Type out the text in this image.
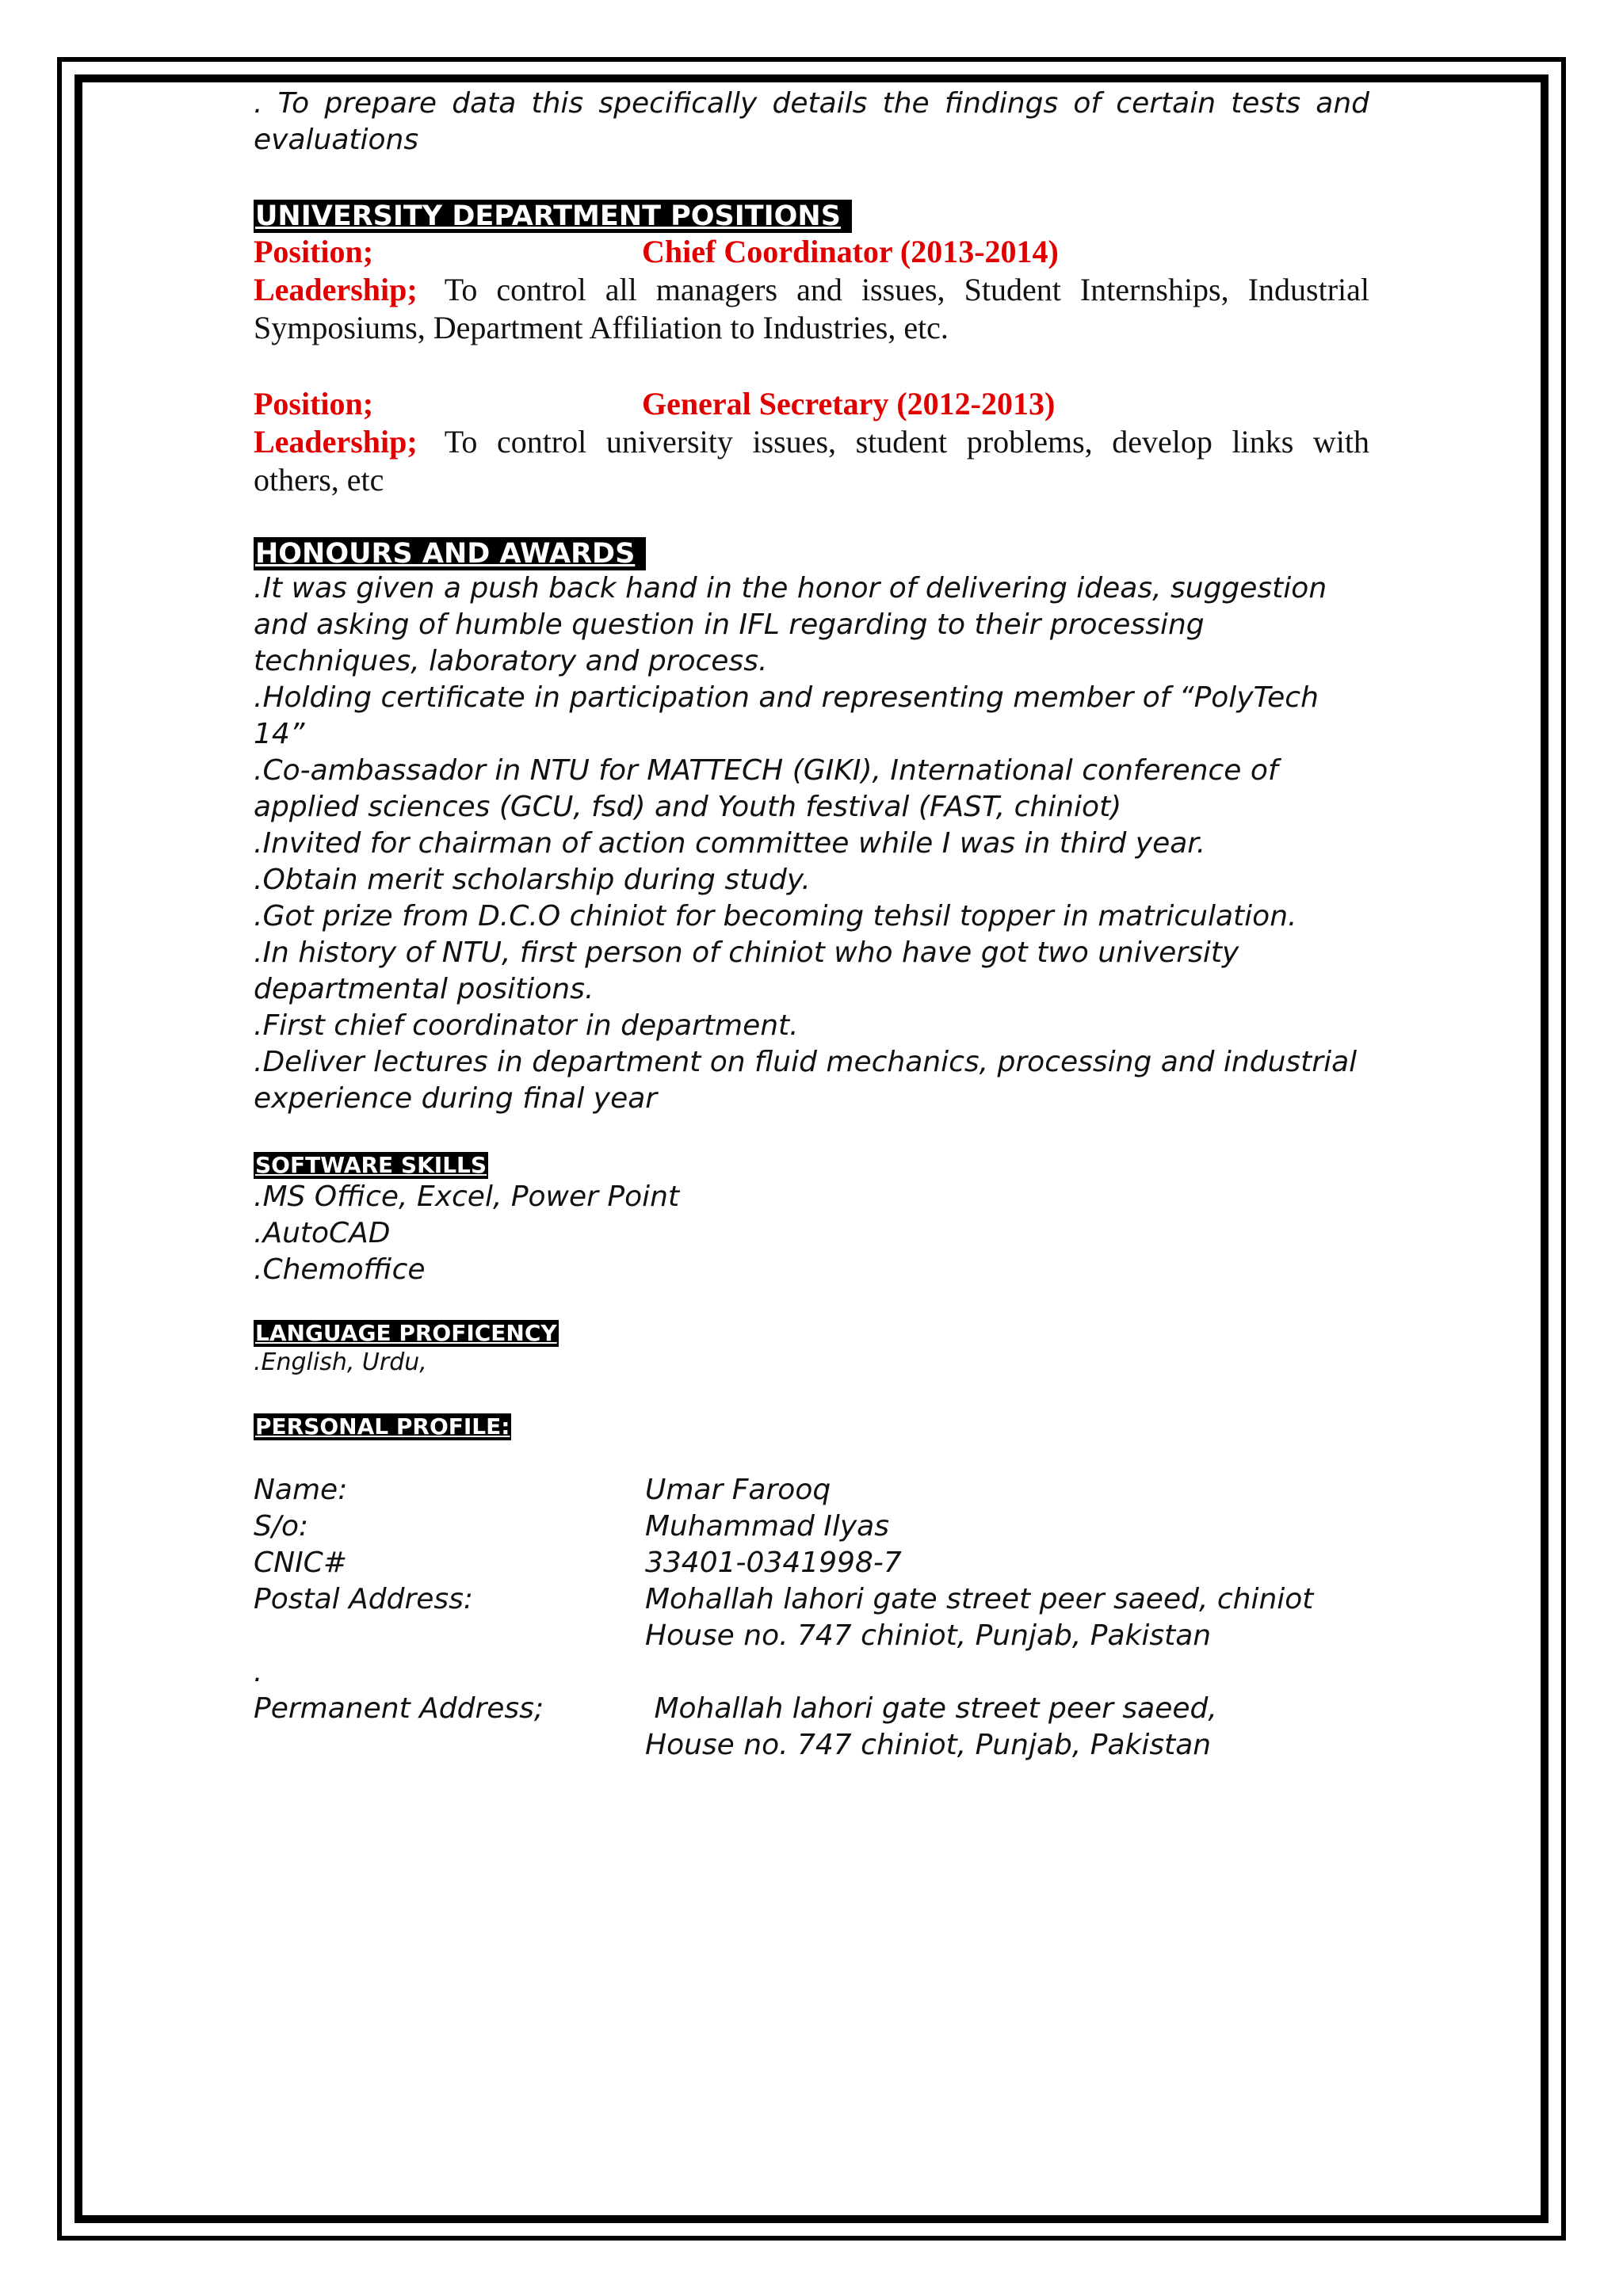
. To prepare data this specifically details the findings of certain tests and evaluations

UNIVERSITY DEPARTMENT POSITIONS
Position;	Chief Coordinator (2013-2014)

Leadership; To control all managers and issues, Student Internships, Industrial Symposiums, Department Affiliation to Industries, etc.

Position;	General Secretary (2012-2013)

Leadership; To control university issues, student problems, develop links with others, etc

HONOURS AND AWARDS

.It was given a push back hand in the honor of delivering ideas, suggestion

and asking of humble question in IFL regarding to their processing

techniques, laboratory and process.

.Holding certificate in participation and representing member of “PolyTech

14”

.Co-ambassador in NTU for MATTECH (GIKI), International conference of

applied sciences (GCU, fsd) and Youth festival (FAST, chiniot)

.Invited for chairman of action committee while I was in third year.

.Obtain merit scholarship during study.

.Got prize from D.C.O chiniot for becoming tehsil topper in matriculation.

.In history of NTU, first person of chiniot who have got two university

departmental positions.

.First chief coordinator in department.

.Deliver lectures in department on fluid mechanics, processing and industrial

experience during final year

SOFTWARE SKILLS

.MS Office, Excel, Power Point

.AutoCAD

.Chemoffice

LANGUAGE PROFICENCY

.English, Urdu,

PERSONAL PROFILE:
Name:	Umar Farooq
S/o:	Muhammad Ilyas
CNIC#	33401-0341998-7
Postal Address:	Mohallah lahori gate street peer saeed, chiniot
House no. 747 chiniot, Punjab, Pakistan
.
Permanent Address;	Mohallah lahori gate street peer saeed,
House no. 747 chiniot, Punjab, Pakistan
